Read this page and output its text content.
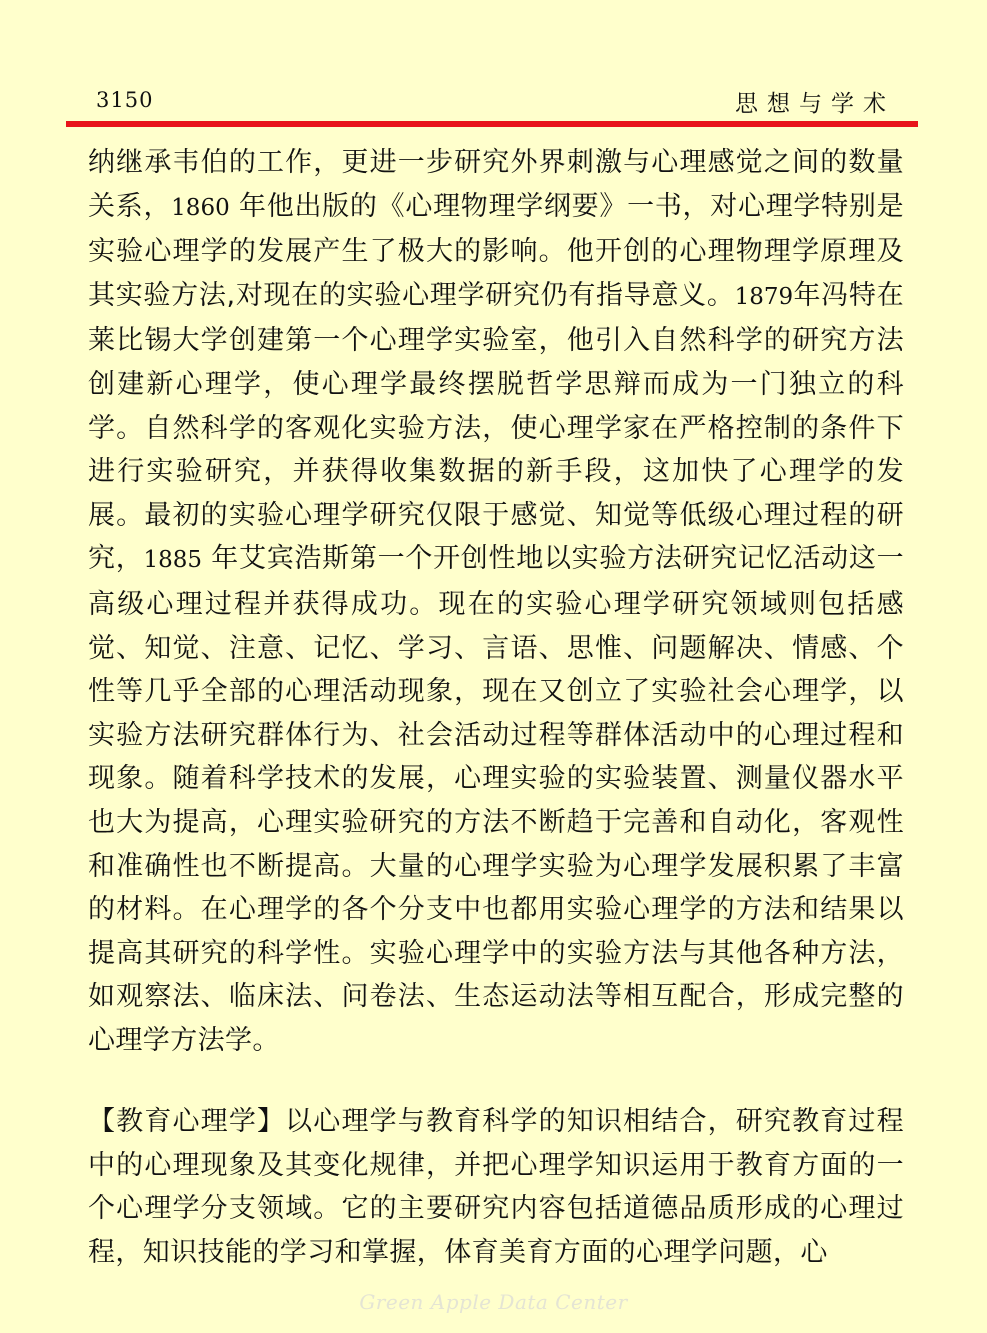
3150	思想与学术

纳继承韦伯的工作，更进一步研究外界刺激与心理感觉之间的数量关系，1860 年他出版的《心理物理学纲要》一书，对心理学特别是实验心理学的发展产生了极大的影响。他开创的心理物理学原理及其实验方法,对现在的实验心理学研究仍有指导意义。1879年冯特在莱比锡大学创建第一个心理学实验室，他引入自然科学的研究方法创建新心理学，使心理学最终摆脱哲学思辩而成为一门独立的科学。自然科学的客观化实验方法，使心理学家在严格控制的条件下进行实验研究，并获得收集数据的新手段，这加快了心理学的发展。最初的实验心理学研究仅限于感觉、知觉等低级心理过程的研究，1885 年艾宾浩斯第一个开创性地以实验方法研究记忆活动这一高级心理过程并获得成功。现在的实验心理学研究领域则包括感觉、知觉、注意、记忆、学习、言语、思惟、问题解决、情感、个性等几乎全部的心理活动现象，现在又创立了实验社会心理学，以实验方法研究群体行为、社会活动过程等群体活动中的心理过程和现象。随着科学技术的发展，心理实验的实验装置、测量仪器水平也大为提高，心理实验研究的方法不断趋于完善和自动化，客观性和准确性也不断提高。大量的心理学实验为心理学发展积累了丰富的材料。在心理学的各个分支中也都用实验心理学的方法和结果以提高其研究的科学性。实验心理学中的实验方法与其他各种方法，如观察法、临床法、问卷法、生态运动法等相互配合，形成完整的心理学方法学。

【教育心理学】以心理学与教育科学的知识相结合，研究教育过程中的心理现象及其变化规律，并把心理学知识运用于教育方面的一个心理学分支领域。它的主要研究内容包括道德品质形成的心理过程，知识技能的学习和掌握，体育美育方面的心理学问题，心

Green Apple Data Center
